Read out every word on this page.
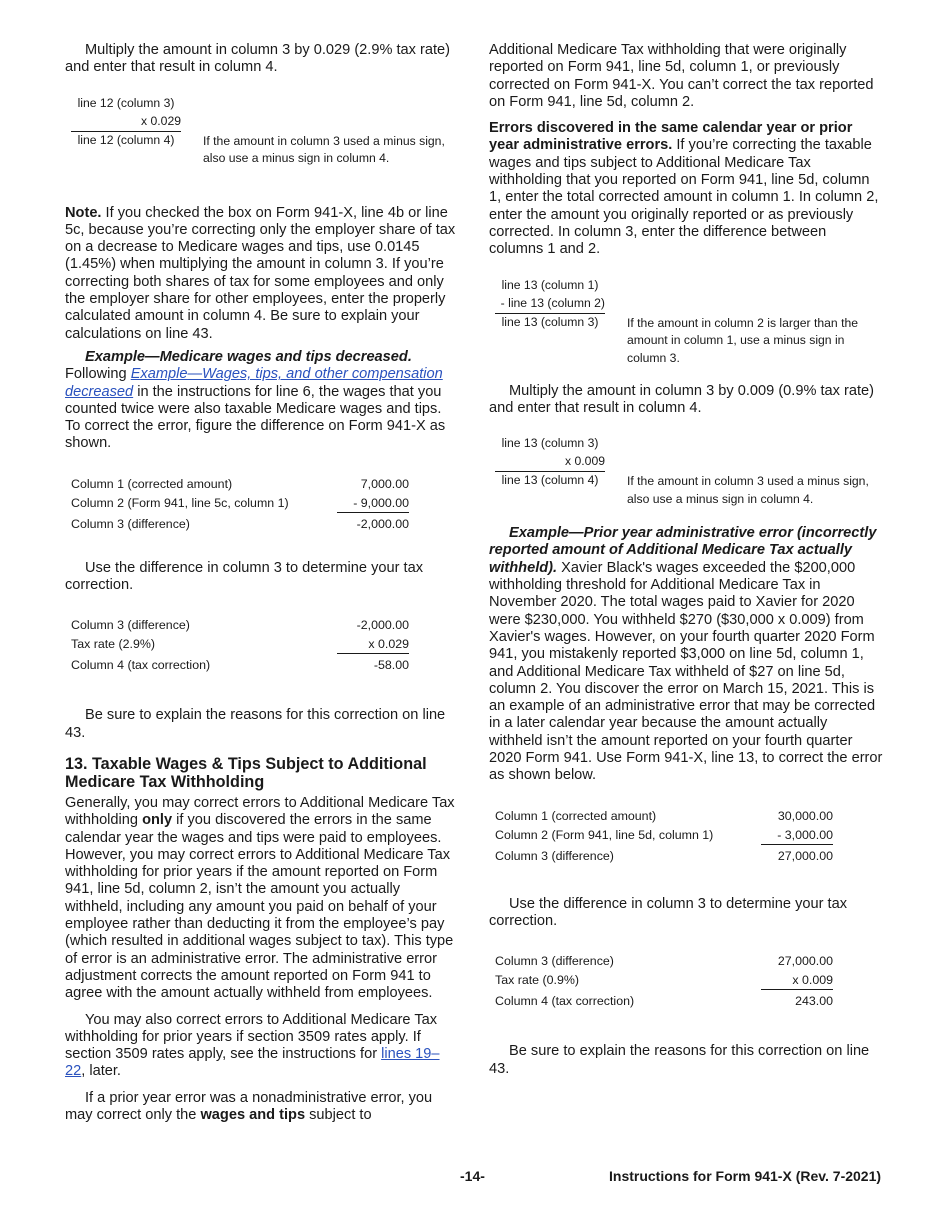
Multiply the amount in column 3 by 0.029 (2.9% tax rate) and enter that result in column 4.

line 12 (column 3)
x 0.029
line 12 (column 4)	If the amount in column 3 used a minus sign, also use a minus sign in column 4.

Note. If you checked the box on Form 941-X, line 4b or line 5c, because you’re correcting only the employer share of tax on a decrease to Medicare wages and tips, use 0.0145 (1.45%) when multiplying the amount in column 3. If you’re correcting both shares of tax for some employees and only the employer share for other employees, enter the properly calculated amount in column 4. Be sure to explain your calculations on line 43.

Example—Medicare wages and tips decreased.
Following Example—Wages, tips, and other compensation decreased in the instructions for line 6, the wages that you counted twice were also taxable Medicare wages and tips. To correct the error, figure the difference on Form 941-X as shown.

Column 1 (corrected amount)	7,000.00
Column 2 (Form 941, line 5c, column 1)	- 9,000.00
Column 3 (difference)	-2,000.00

Use the difference in column 3 to determine your tax correction.

Column 3 (difference)	-2,000.00
Tax rate (2.9%)	x 0.029
Column 4 (tax correction)	-58.00

Be sure to explain the reasons for this correction on line 43.

13. Taxable Wages & Tips Subject to Additional Medicare Tax Withholding

Generally, you may correct errors to Additional Medicare Tax withholding only if you discovered the errors in the same calendar year the wages and tips were paid to employees. However, you may correct errors to Additional Medicare Tax withholding for prior years if the amount reported on Form 941, line 5d, column 2, isn’t the amount you actually withheld, including any amount you paid on behalf of your employee rather than deducting it from the employee’s pay (which resulted in additional wages subject to tax). This type of error is an administrative error. The administrative error adjustment corrects the amount reported on Form 941 to agree with the amount actually withheld from employees.

You may also correct errors to Additional Medicare Tax withholding for prior years if section 3509 rates apply. If section 3509 rates apply, see the instructions for lines 19–22, later.

If a prior year error was a nonadministrative error, you may correct only the wages and tips subject to

Additional Medicare Tax withholding that were originally reported on Form 941, line 5d, column 1, or previously corrected on Form 941-X. You can’t correct the tax reported on Form 941, line 5d, column 2.

Errors discovered in the same calendar year or prior year administrative errors. If you’re correcting the taxable wages and tips subject to Additional Medicare Tax withholding that you reported on Form 941, line 5d, column 1, enter the total corrected amount in column 1. In column 2, enter the amount you originally reported or as previously corrected. In column 3, enter the difference between columns 1 and 2.

line 13 (column 1)
- line 13 (column 2)
line 13 (column 3)	If the amount in column 2 is larger than the amount in column 1, use a minus sign in column 3.

Multiply the amount in column 3 by 0.009 (0.9% tax rate) and enter that result in column 4.

line 13 (column 3)
x 0.009
line 13 (column 4)	If the amount in column 3 used a minus sign, also use a minus sign in column 4.

Example—Prior year administrative error (incorrectly reported amount of Additional Medicare Tax actually withheld). Xavier Black's wages exceeded the $200,000 withholding threshold for Additional Medicare Tax in November 2020. The total wages paid to Xavier for 2020 were $230,000. You withheld $270 ($30,000 x 0.009) from Xavier's wages. However, on your fourth quarter 2020 Form 941, you mistakenly reported $3,000 on line 5d, column 1, and Additional Medicare Tax withheld of $27 on line 5d, column 2. You discover the error on March 15, 2021. This is an example of an administrative error that may be corrected in a later calendar year because the amount actually withheld isn’t the amount reported on your fourth quarter 2020 Form 941. Use Form 941-X, line 13, to correct the error as shown below.

Column 1 (corrected amount)	30,000.00
Column 2 (Form 941, line 5d, column 1)	- 3,000.00
Column 3 (difference)	27,000.00

Use the difference in column 3 to determine your tax correction.

Column 3 (difference)	27,000.00
Tax rate (0.9%)	x 0.009
Column 4 (tax correction)	243.00

Be sure to explain the reasons for this correction on line 43.

-14-	Instructions for Form 941-X (Rev. 7-2021)
